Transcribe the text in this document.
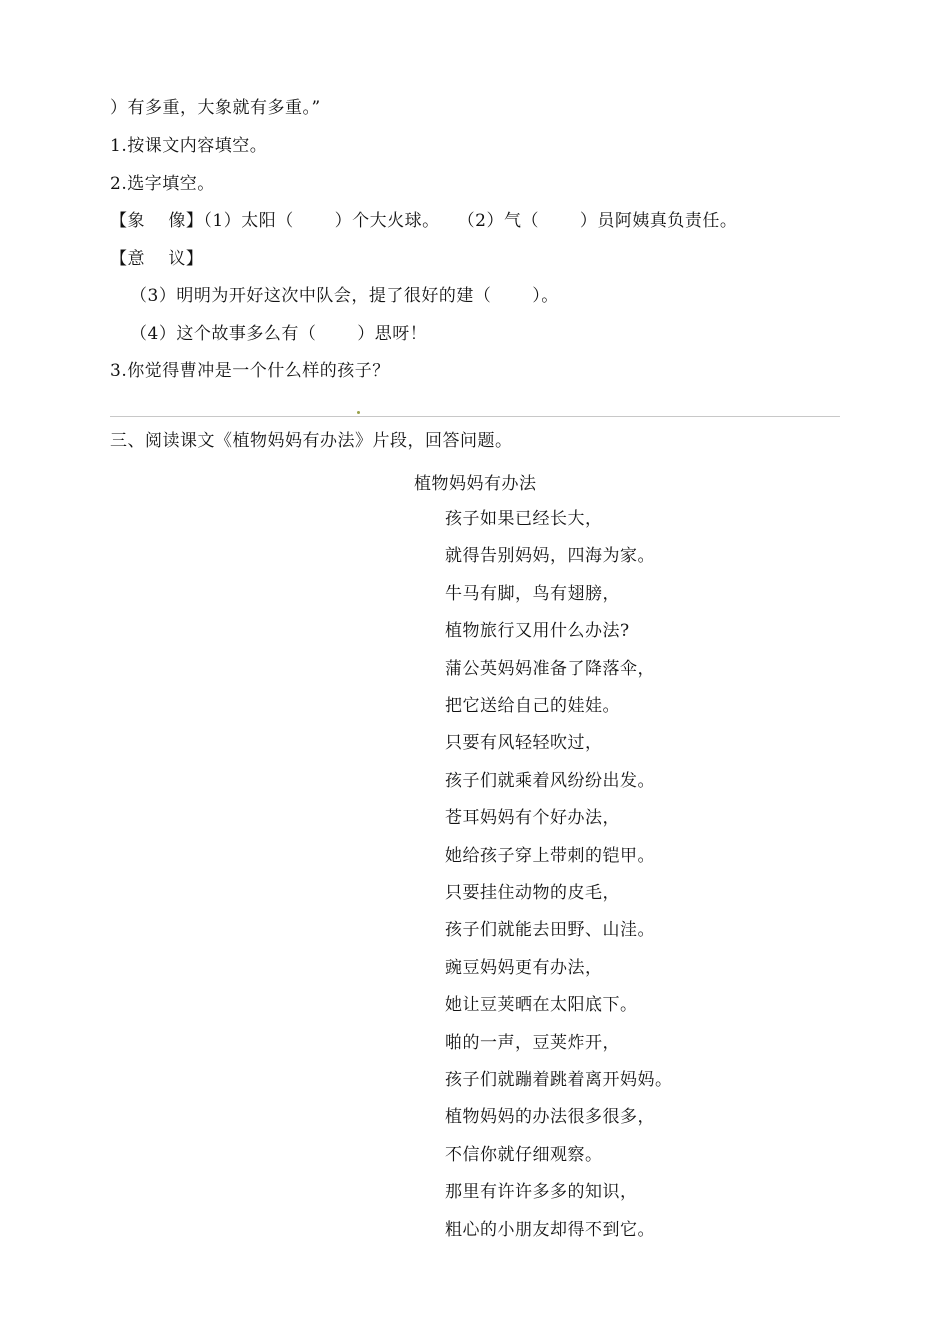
）有多重，大象就有多重。”
1.按课文内容填空。
2.选字填空。
【象　 像】（1）太阳（　　 ）个大火球。　　（2）气（　　 ）员阿姨真负责任。
【意　 议】
（3）明明为开好这次中队会，提了很好的建（　　 ）。
（4）这个故事多么有（　　 ）思呀！
3.你觉得曹冲是一个什么样的孩子？
三、阅读课文《植物妈妈有办法》片段，回答问题。
植物妈妈有办法
孩子如果已经长大，
就得告别妈妈，四海为家。
牛马有脚，鸟有翅膀，
植物旅行又用什么办法?
蒲公英妈妈准备了降落伞，
把它送给自己的娃娃。
只要有风轻轻吹过，
孩子们就乘着风纷纷出发。
苍耳妈妈有个好办法，
她给孩子穿上带刺的铠甲。
只要挂住动物的皮毛，
孩子们就能去田野、山洼。
豌豆妈妈更有办法，
她让豆荚晒在太阳底下。
啪的一声，豆荚炸开，
孩子们就蹦着跳着离开妈妈。
植物妈妈的办法很多很多，
不信你就仔细观察。
那里有许许多多的知识，
粗心的小朋友却得不到它。
